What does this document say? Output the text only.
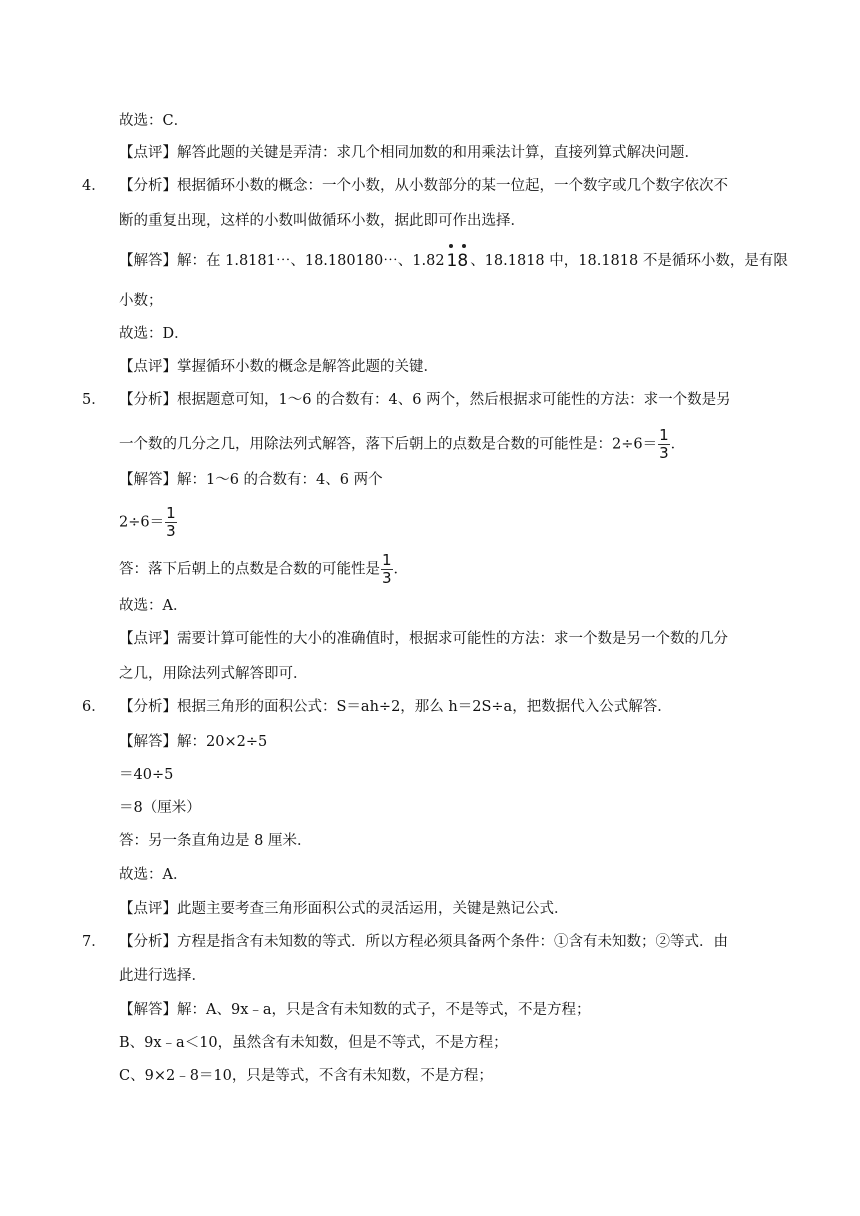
故选：C．
【点评】解答此题的关键是弄清：求几个相同加数的和用乘法计算，直接列算式解决问题．
4． 【分析】根据循环小数的概念：一个小数，从小数部分的某一位起，一个数字或几个数字依次不
断的重复出现，这样的小数叫做循环小数，据此即可作出选择．
【解答】解：在 1.8181⋯、18.180180⋯、1.82 18 、18.1818 中，18.1818 不是循环小数，是有限
小数；
故选：D．
【点评】掌握循环小数的概念是解答此题的关键．
5． 【分析】根据题意可知，1～6 的合数有：4、6 两个，然后根据求可能性的方法：求一个数是另
一个数的几分之几，用除法列式解答，落下后朝上的点数是合数的可能性是：$2\div 6= \frac{1}{3}$ ．
【解答】解：1～6 的合数有：4、6 两个
$2\div 6= \frac{1}{3}$
答：落下后朝上的点数是合数的可能性是 $\frac{1}{3}$ ．
故选：A．
【点评】需要计算可能性的大小的准确值时，根据求可能性的方法：求一个数是另一个数的几分
之几，用除法列式解答即可．
6． 【分析】根据三角形的面积公式：S＝ah÷2，那么 h＝2S÷a，把数据代入公式解答．
【解答】解：20×2÷5
＝40÷5
＝8（厘米）
答：另一条直角边是 8 厘米．
故选：A．
【点评】此题主要考查三角形面积公式的灵活运用，关键是熟记公式．
7． 【分析】方程是指含有未知数的等式．所以方程必须具备两个条件：①含有未知数；②等式．由
此进行选择．
【解答】解：A、9x﹣a，只是含有未知数的式子，不是等式，不是方程；
B、9x﹣a＜10，虽然含有未知数，但是不等式，不是方程；
C、9×2﹣8＝10，只是等式，不含有未知数，不是方程；
